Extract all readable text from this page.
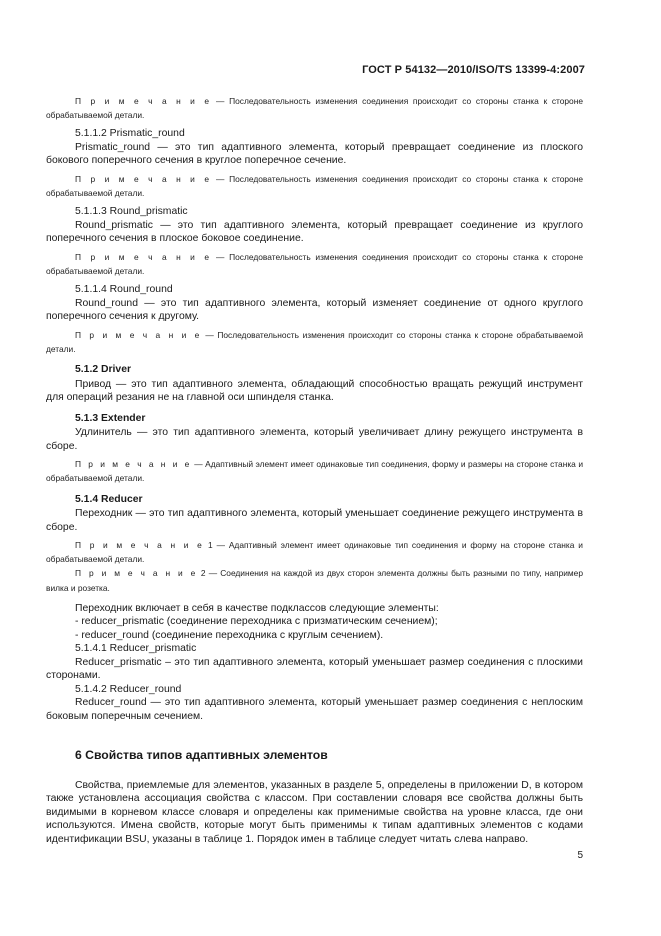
ГОСТ Р 54132—2010/ISO/TS 13399-4:2007

П р и м е ч а н и е — Последовательность изменения соединения происходит со стороны станка к стороне обрабатываемой детали.

5.1.1.2 Prismatic_round

Prismatic_round — это тип адаптивного элемента, который превращает соединение из плоского бокового поперечного сечения в круглое поперечное сечение.

П р и м е ч а н и е — Последовательность изменения соединения происходит со стороны станка к стороне обрабатываемой детали.

5.1.1.3 Round_prismatic

Round_prismatic — это тип адаптивного элемента, который превращает соединение из круглого поперечного сечения в плоское боковое соединение.

П р и м е ч а н и е — Последовательность изменения соединения происходит со стороны станка к стороне обрабатываемой детали.

5.1.1.4 Round_round

Round_round — это тип адаптивного элемента, который изменяет соединение от одного круглого поперечного сечения к другому.

П р и м е ч а н и е — Последовательность изменения происходит со стороны станка к стороне обрабатываемой детали.

5.1.2 Driver

Привод — это тип адаптивного элемента, обладающий способностью вращать режущий инструмент для операций резания не на главной оси шпинделя станка.

5.1.3 Extender

Удлинитель — это тип адаптивного элемента, который увеличивает длину режущего инструмента в сборе.

П р и м е ч а н и е — Адаптивный элемент имеет одинаковые тип соединения, форму и размеры на стороне станка и обрабатываемой детали.

5.1.4 Reducer

Переходник — это тип адаптивного элемента, который уменьшает соединение режущего инструмента в сборе.

П р и м е ч а н и е 1 — Адаптивный элемент имеет одинаковые тип соединения и форму на стороне станка и обрабатываемой детали.

П р и м е ч а н и е 2 — Соединения на каждой из двух сторон элемента должны быть разными по типу, например вилка и розетка.

Переходник включает в себя в качестве подклассов следующие элементы:

- reducer_prismatic (соединение переходника с призматическим сечением);
- reducer_round (соединение переходника с круглым сечением).

5.1.4.1 Reducer_prismatic

Reducer_prismatic – это тип адаптивного элемента, который уменьшает размер соединения с плоскими сторонами.

5.1.4.2 Reducer_round

Reducer_round — это тип адаптивного элемента, который уменьшает размер соединения с неплоским боковым поперечным сечением.

6 Свойства типов адаптивных элементов

Свойства, приемлемые для элементов, указанных в разделе 5, определены в приложении D, в котором также установлена ассоциация свойства с классом. При составлении словаря все свойства должны быть видимыми в корневом классе словаря и определены как применимые свойства на уровне класса, где они используются. Имена свойств, которые могут быть применимы к типам адаптивных элементов с кодами идентификации BSU, указаны в таблице 1. Порядок имен в таблице следует читать слева направо.

5
